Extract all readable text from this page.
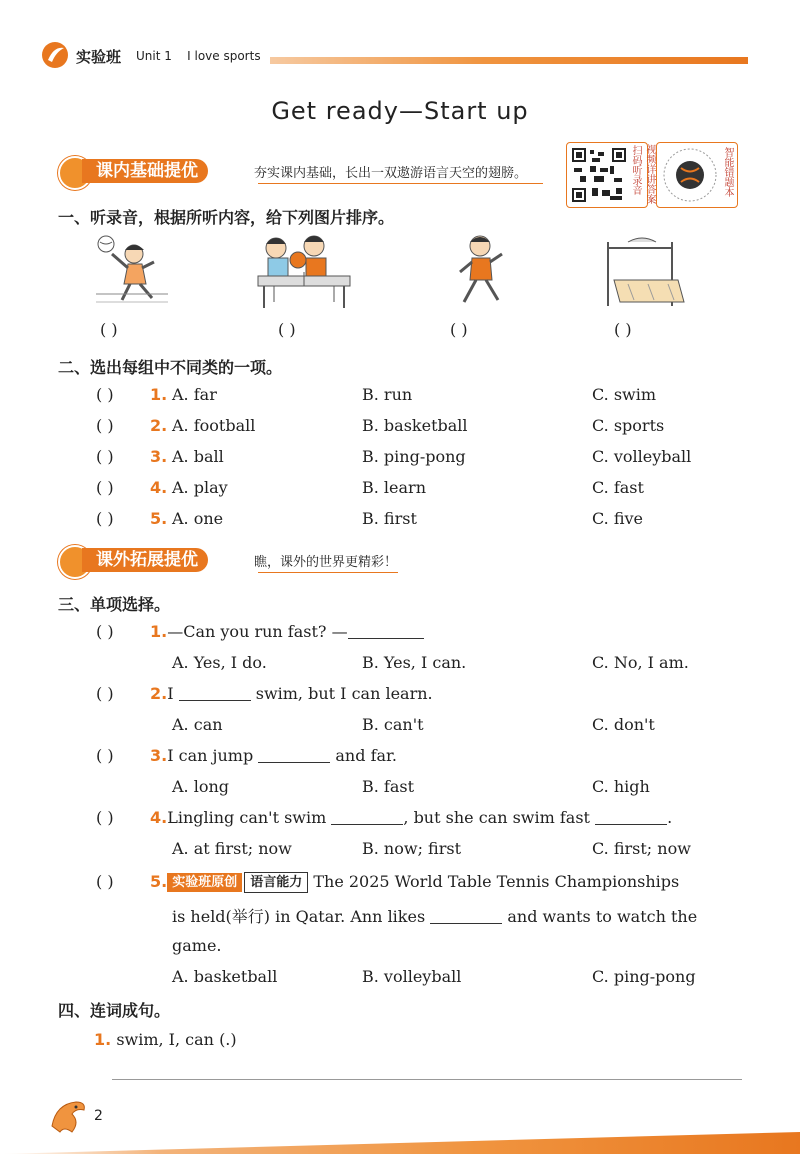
实验班 Unit 1    I love sports
Get ready—Start up
课内基础提优	夯实课内基础，长出一双遨游语言天空的翅膀。	扫码听录音 视频详讲答案	智能错题本
一、听录音，根据所听内容，给下列图片排序。
( )	( )	( )	( )
二、选出每组中不同类的一项。
( ) 1. A. far	B. run	C. swim
( ) 2. A. football	B. basketball	C. sports
( ) 3. A. ball	B. ping-pong	C. volleyball
( ) 4. A. play	B. learn	C. fast
( ) 5. A. one	B. first	C. five
课外拓展提优	瞧，课外的世界更精彩！
三、单项选择。
( ) 1.—Can you run fast? —
A. Yes, I do.	B. Yes, I can.	C. No, I am.
( ) 2.I	swim, but I can learn.
A. can	B. can't	C. don't
( ) 3.I can jump	and far.
A. long	B. fast	C. high
( ) 4.Lingling can't swim	, but she can swim fast	.
A. at first; now	B. now; first	C. first; now
( ) 5. 实验班原创 语言能力 The 2025 World Table Tennis Championships
is held(举行) in Qatar. Ann likes	and wants to watch the
game.
A. basketball	B. volleyball	C. ping-pong
四、连词成句。
1. swim, I, can (.)
2
